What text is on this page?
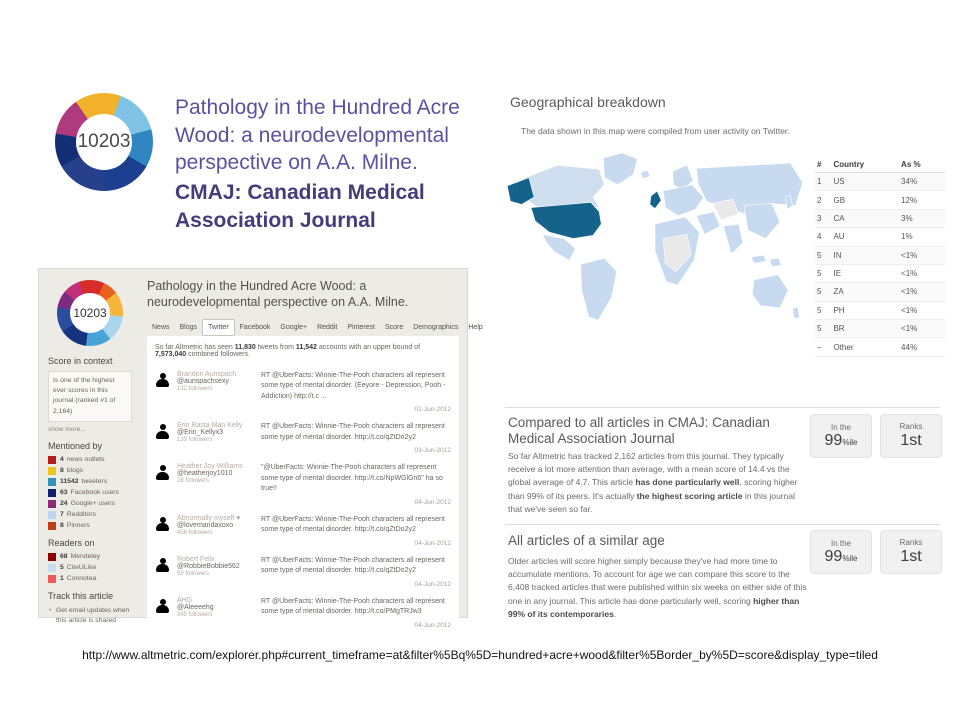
10203
Pathology in the Hundred Acre Wood: a neurodevelopmental perspective on A.A. Milne.
CMAJ: Canadian Medical Association Journal
10203
Score in context
Is one of the highest ever scores in this journal (ranked #1 of 2,164)
show more...
Mentioned by
4 news outlets
8 blogs
11542 tweeters
63 Facebook users
24 Google+ users
7 Redditors
8 Pinners
Readers on
68 Mendeley
5 CiteULike
1 Connotea
Track this article
• Get email updates when this article is shared
Pathology in the Hundred Acre Wood: a neurodevelopmental perspective on A.A. Milne.
News	Blogs	Twitter	Facebook	Google+	Reddit	Pinterest	Score	Demographics	Help
So far Altmetric has seen 11,830 tweets from 11,542 accounts with an upper bound of 7,573,040 combined followers.
Brandon Aunspach
@aunspachsexy
132 followers
RT @UberFacts: Winnie-The-Pooh characters all represent some type of mental disorder. (Eeyore - Depression, Pooh - Addiction) http://t.c ...
01-Jun-2012
Erin Rasta Man Kelly
@Erin_Kellyx3
139 followers
RT @UberFacts: Winnie-The-Pooh characters all represent some type of mental disorder. http://t.co/qZtDo2y2
03-Jun-2012
Heather Joy Williams
@heatherjoy1010
28 followers
"@UberFacts: Winnie-The-Pooh characters all represent some type of mental disorder. http://t.co/NpWGlGn6" ha so true!!
04-Jun-2012
Abnormally myself ♥
@lovemandaxoxo
456 followers
RT @UberFacts: Winnie-The-Pooh characters all represent some type of mental disorder. http://t.co/qZtDo2y2
04-Jun-2012
Robert Felix
@RobbieBobbie562
59 followers
RT @UberFacts: Winnie-The-Pooh characters all represent some type of mental disorder. http://t.co/qZtDo2y2
04-Jun-2012
AHG
@Aleeeehg
345 followers
RT @UberFacts: Winnie-The-Pooh characters all represent some type of mental disorder. http://t.co/PMgTRJw3
04-Jun-2012
Geographical breakdown
The data shown in this map were compiled from user activity on Twitter.
#	Country	As %
1	US	34%
2	GB	12%
3	CA	3%
4	AU	1%
5	IN	<1%
5	IE	<1%
5	ZA	<1%
5	PH	<1%
5	BR	<1%
–	Other	44%
Compared to all articles in CMAJ: Canadian Medical Association Journal

So far Altmetric has tracked 2,162 articles from this journal. They typically receive a lot more attention than average, with a mean score of 14.4 vs the global average of 4.7. This article has done particularly well, scoring higher than 99% of its peers. It's actually the highest scoring article in this journal that we've seen so far.

In the
99%ile
Ranks
1st
All articles of a similar age

Older articles will score higher simply because they've had more time to accumulate mentions. To account for age we can compare this score to the 6,408 tracked articles that were published within six weeks on either side of this one in any journal. This article has done particularly well, scoring higher than 99% of its contemporaries.

In the
99%ile
Ranks
1st
http://www.altmetric.com/explorer.php#current_timeframe=at&filter%5Bq%5D=hundred+acre+wood&filter%5Border_by%5D=score&display_type=tiled
